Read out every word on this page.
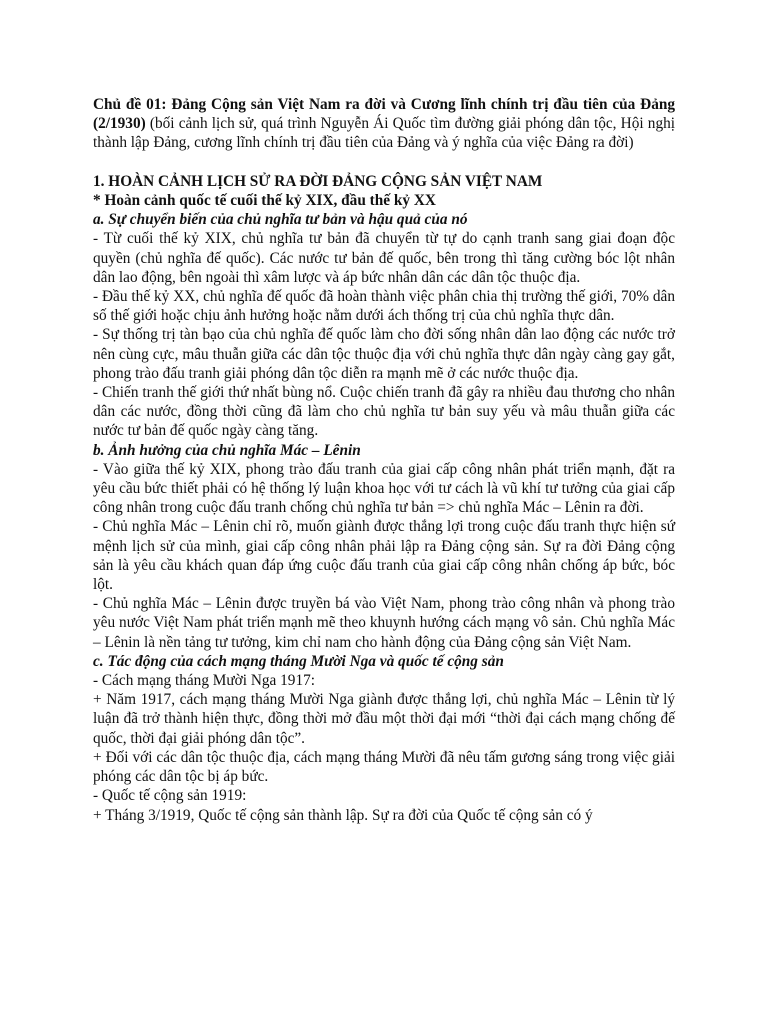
Chủ đề 01: Đảng Cộng sản Việt Nam ra đời và Cương lĩnh chính trị đầu tiên của Đảng (2/1930) (bối cảnh lịch sử, quá trình Nguyễn Ái Quốc tìm đường giải phóng dân tộc, Hội nghị thành lập Đảng, cương lĩnh chính trị đầu tiên của Đảng và ý nghĩa của việc Đảng ra đời)

1. HOÀN CẢNH LỊCH SỬ RA ĐỜI ĐẢNG CỘNG SẢN VIỆT NAM

* Hoàn cảnh quốc tế cuối thế kỷ XIX, đầu thế kỷ XX

a. Sự chuyển biến của chủ nghĩa tư bản và hậu quả của nó

- Từ cuối thế kỷ XIX, chủ nghĩa tư bản đã chuyển từ tự do cạnh tranh sang giai đoạn độc quyền (chủ nghĩa đế quốc). Các nước tư bản đế quốc, bên trong thì tăng cường bóc lột nhân dân lao động, bên ngoài thì xâm lược và áp bức nhân dân các dân tộc thuộc địa.

- Đầu thế kỷ XX, chủ nghĩa đế quốc đã hoàn thành việc phân chia thị trường thế giới, 70% dân số thế giới hoặc chịu ảnh hưởng hoặc nằm dưới ách thống trị của chủ nghĩa thực dân.

- Sự thống trị tàn bạo của chủ nghĩa đế quốc làm cho đời sống nhân dân lao động các nước trở nên cùng cực, mâu thuẫn giữa các dân tộc thuộc địa với chủ nghĩa thực dân ngày càng gay gắt, phong trào đấu tranh giải phóng dân tộc diễn ra mạnh mẽ ở các nước thuộc địa.

- Chiến tranh thế giới thứ nhất bùng nổ. Cuộc chiến tranh đã gây ra nhiều đau thương cho nhân dân các nước, đồng thời cũng đã làm cho chủ nghĩa tư bản suy yếu và mâu thuẫn giữa các nước tư bản đế quốc ngày càng tăng.

b. Ảnh hưởng của chủ nghĩa Mác – Lênin

- Vào giữa thế kỷ XIX, phong trào đấu tranh của giai cấp công nhân phát triển mạnh, đặt ra yêu cầu bức thiết phải có hệ thống lý luận khoa học với tư cách là vũ khí tư tưởng của giai cấp công nhân trong cuộc đấu tranh chống chủ nghĩa tư bản => chủ nghĩa Mác – Lênin ra đời.

- Chủ nghĩa Mác – Lênin chỉ rõ, muốn giành được thắng lợi trong cuộc đấu tranh thực hiện sứ mệnh lịch sử của mình, giai cấp công nhân phải lập ra Đảng cộng sản. Sự ra đời Đảng cộng sản là yêu cầu khách quan đáp ứng cuộc đấu tranh của giai cấp công nhân chống áp bức, bóc lột.

- Chủ nghĩa Mác – Lênin được truyền bá vào Việt Nam, phong trào công nhân và phong trào yêu nước Việt Nam phát triển mạnh mẽ theo khuynh hướng cách mạng vô sản. Chủ nghĩa Mác – Lênin là nền tảng tư tưởng, kim chỉ nam cho hành động của Đảng cộng sản Việt Nam.

c. Tác động của cách mạng tháng Mười Nga và quốc tế cộng sản

- Cách mạng tháng Mười Nga 1917:

+ Năm 1917, cách mạng tháng Mười Nga giành được thắng lợi, chủ nghĩa Mác – Lênin từ lý luận đã trở thành hiện thực, đồng thời mở đầu một thời đại mới “thời đại cách mạng chống đế quốc, thời đại giải phóng dân tộc”.

+ Đối với các dân tộc thuộc địa, cách mạng tháng Mười đã nêu tấm gương sáng trong việc giải phóng các dân tộc bị áp bức.

- Quốc tế cộng sản 1919:

+ Tháng 3/1919, Quốc tế cộng sản thành lập. Sự ra đời của Quốc tế cộng sản có ý
